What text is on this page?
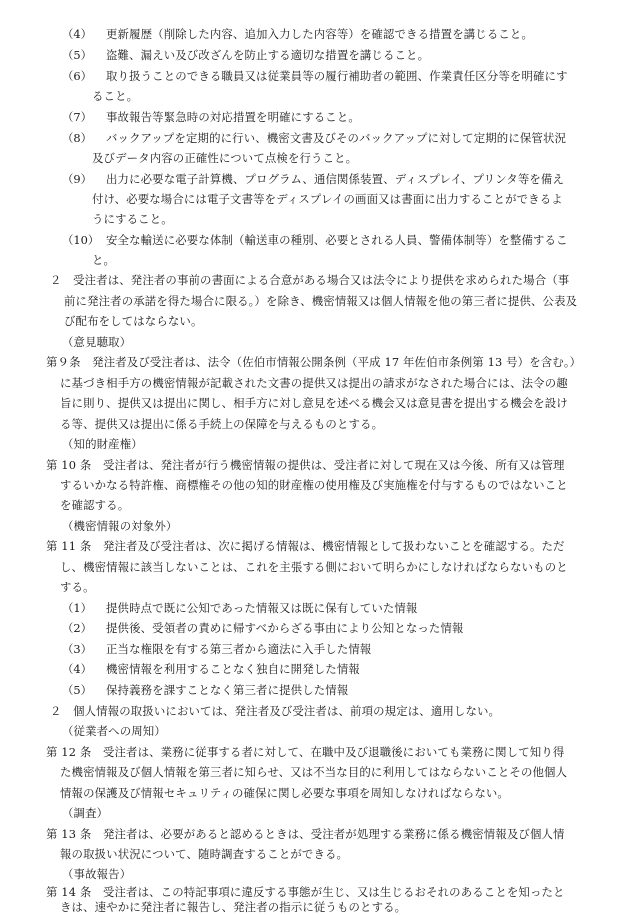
（4） 更新履歴（削除した内容、追加入力した内容等）を確認できる措置を講じること。
（5） 盗難、漏えい及び改ざんを防止する適切な措置を講じること。
（6） 取り扱うことのできる職員又は従業員等の履行補助者の範囲、作業責任区分等を明確にす
ること。
（7） 事故報告等緊急時の対応措置を明確にすること。
（8） バックアップを定期的に行い、機密文書及びそのバックアップに対して定期的に保管状況
及びデータ内容の正確性について点検を行うこと。
（9） 出力に必要な電子計算機、プログラム、通信関係装置、ディスプレイ、プリンタ等を備え
付け、必要な場合には電子文書等をディスプレイの画面又は書面に出力することができるよ
うにすること。
（10） 安全な輸送に必要な体制（輸送車の種別、必要とされる人員、警備体制等）を整備するこ
と。
２　受注者は、発注者の事前の書面による合意がある場合又は法令により提供を求められた場合（事
前に発注者の承諾を得た場合に限る。）を除き、機密情報又は個人情報を他の第三者に提供、公表及
び配布をしてはならない。
（意見聴取）
第９条　発注者及び受注者は、法令（佐伯市情報公開条例（平成 17 年佐伯市条例第 13 号）を含む。）
に基づき相手方の機密情報が記載された文書の提供又は提出の請求がなされた場合には、法令の趣
旨に則り、提供又は提出に関し、相手方に対し意見を述べる機会又は意見書を提出する機会を設け
る等、提供又は提出に係る手続上の保障を与えるものとする。
（知的財産権）
第 10 条　受注者は、発注者が行う機密情報の提供は、受注者に対して現在又は今後、所有又は管理
するいかなる特許権、商標権その他の知的財産権の使用権及び実施権を付与するものではないこと
を確認する。
（機密情報の対象外）
第 11 条　発注者及び受注者は、次に掲げる情報は、機密情報として扱わないことを確認する。ただ
し、機密情報に該当しないことは、これを主張する側において明らかにしなければならないものと
する。
（1） 提供時点で既に公知であった情報又は既に保有していた情報
（2） 提供後、受領者の責めに帰すべからざる事由により公知となった情報
（3） 正当な権限を有する第三者から適法に入手した情報
（4） 機密情報を利用することなく独自に開発した情報
（5） 保持義務を課すことなく第三者に提供した情報
２　個人情報の取扱いにおいては、発注者及び受注者は、前項の規定は、適用しない。
（従業者への周知）
第 12 条　受注者は、業務に従事する者に対して、在職中及び退職後においても業務に関して知り得
た機密情報及び個人情報を第三者に知らせ、又は不当な目的に利用してはならないことその他個人
情報の保護及び情報セキュリティの確保に関し必要な事項を周知しなければならない。
（調査）
第 13 条　発注者は、必要があると認めるときは、受注者が処理する業務に係る機密情報及び個人情
報の取扱い状況について、随時調査することができる。
（事故報告）
第 14 条　受注者は、この特記事項に違反する事態が生じ、又は生じるおそれのあることを知ったと
きは、速やかに発注者に報告し、発注者の指示に従うものとする。
